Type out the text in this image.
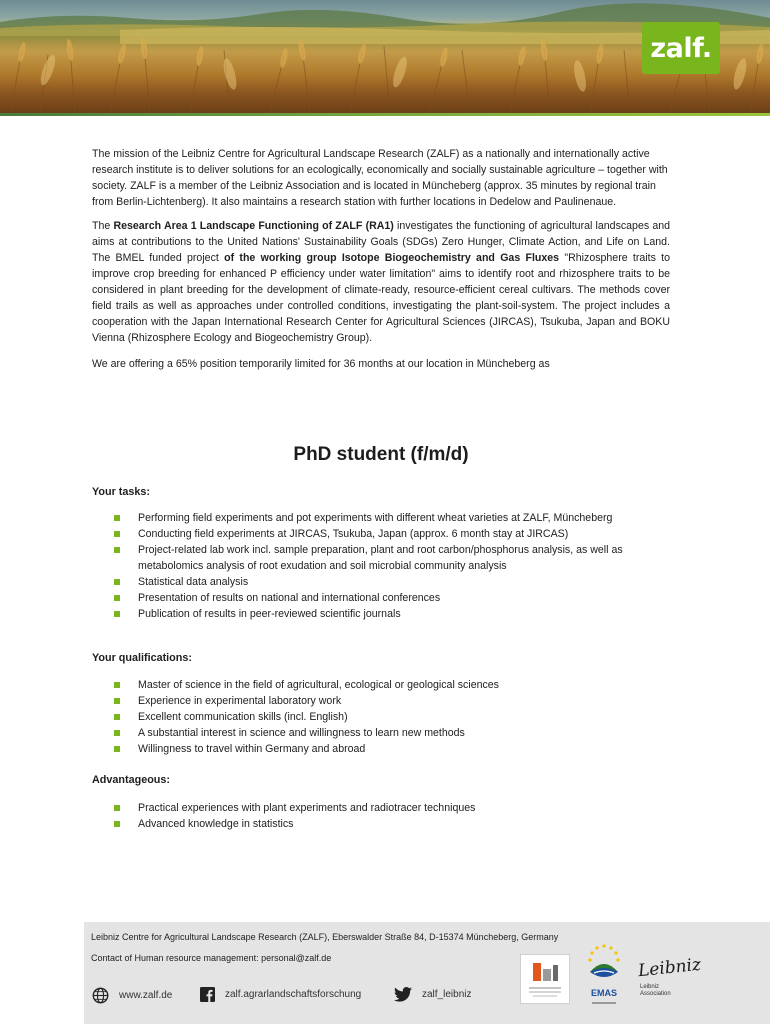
zalf.

The mission of the Leibniz Centre for Agricultural Landscape Research (ZALF) as a nationally and internationally active research institute is to deliver solutions for an ecologically, economically and socially sustainable agriculture – together with society. ZALF is a member of the Leibniz Association and is located in Müncheberg (approx. 35 minutes by regional train from Berlin-Lichtenberg). It also maintains a research station with further locations in Dedelow and Paulinenaue.

The Research Area 1 Landscape Functioning of ZALF (RA1) investigates the functioning of agricultural landscapes and aims at contributions to the United Nations' Sustainability Goals (SDGs) Zero Hunger, Climate Action, and Life on Land. The BMEL funded project of the working group Isotope Biogeochemistry and Gas Fluxes "Rhizosphere traits to improve crop breeding for enhanced P efficiency under water limitation" aims to identify root and rhizosphere traits to be considered in plant breeding for the development of climate-ready, resource-efficient cereal cultivars. The methods cover field trails as well as approaches under controlled conditions, investigating the plant-soil-system. The project includes a cooperation with the Japan International Research Center for Agricultural Sciences (JIRCAS), Tsukuba, Japan and BOKU Vienna (Rhizosphere Ecology and Biogeochemistry Group).

We are offering a 65% position temporarily limited for 36 months at our location in Müncheberg as

PhD student (f/m/d)
Your tasks:
Performing field experiments and pot experiments with different wheat varieties at ZALF, Müncheberg
Conducting field experiments at JIRCAS, Tsukuba, Japan (approx. 6 month stay at JIRCAS)
Project-related lab work incl. sample preparation, plant and root carbon/phosphorus analysis, as well as metabolomics analysis of root exudation and soil microbial community analysis
Statistical data analysis
Presentation of results on national and international conferences
Publication of results in peer-reviewed scientific journals
Your qualifications:
Master of science in the field of agricultural, ecological or geological sciences
Experience in experimental laboratory work
Excellent communication skills (incl. English)
A substantial interest in science and willingness to learn new methods
Willingness to travel within Germany and abroad
Advantageous:
Practical experiences with plant experiments and radiotracer techniques
Advanced knowledge in statistics
Leibniz Centre for Agricultural Landscape Research (ZALF), Eberswalder Straße 84, D-15374 Müncheberg, Germany
Contact of Human resource management: personal@zalf.de
www.zalf.de	zalf.agrarlandschaftsforschung	zalf_leibniz	EMAS
Leibniz
Leibniz Association
